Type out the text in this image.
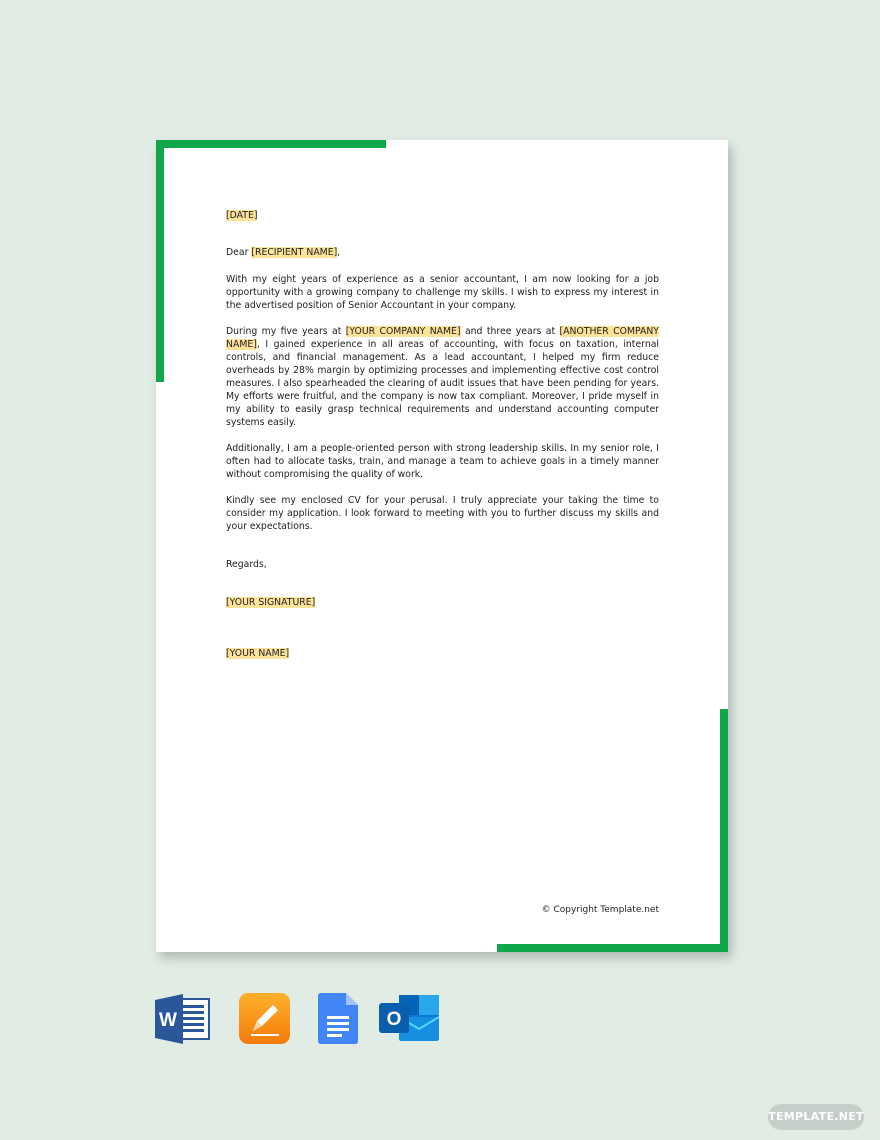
[DATE]

Dear [RECIPIENT NAME],

With my eight years of experience as a senior accountant, I am now looking for a job opportunity with a growing company to challenge my skills. I wish to express my interest in the advertised position of Senior Accountant in your company.

During my five years at [YOUR COMPANY NAME] and three years at [ANOTHER COMPANY NAME], I gained experience in all areas of accounting, with focus on taxation, internal controls, and financial management. As a lead accountant, I helped my firm reduce overheads by 28% margin by optimizing processes and implementing effective cost control measures. I also spearheaded the clearing of audit issues that have been pending for years. My efforts were fruitful, and the company is now tax compliant. Moreover, I pride myself in my ability to easily grasp technical requirements and understand accounting computer systems easily.

Additionally, I am a people-oriented person with strong leadership skills. In my senior role, I often had to allocate tasks, train, and manage a team to achieve goals in a timely manner without compromising the quality of work.

Kindly see my enclosed CV for your perusal. I truly appreciate your taking the time to consider my application. I look forward to meeting with you to further discuss my skills and your expectations.

Regards,

[YOUR SIGNATURE]

[YOUR NAME]

© Copyright Template.net
W	O
TEMPLATE.NET
